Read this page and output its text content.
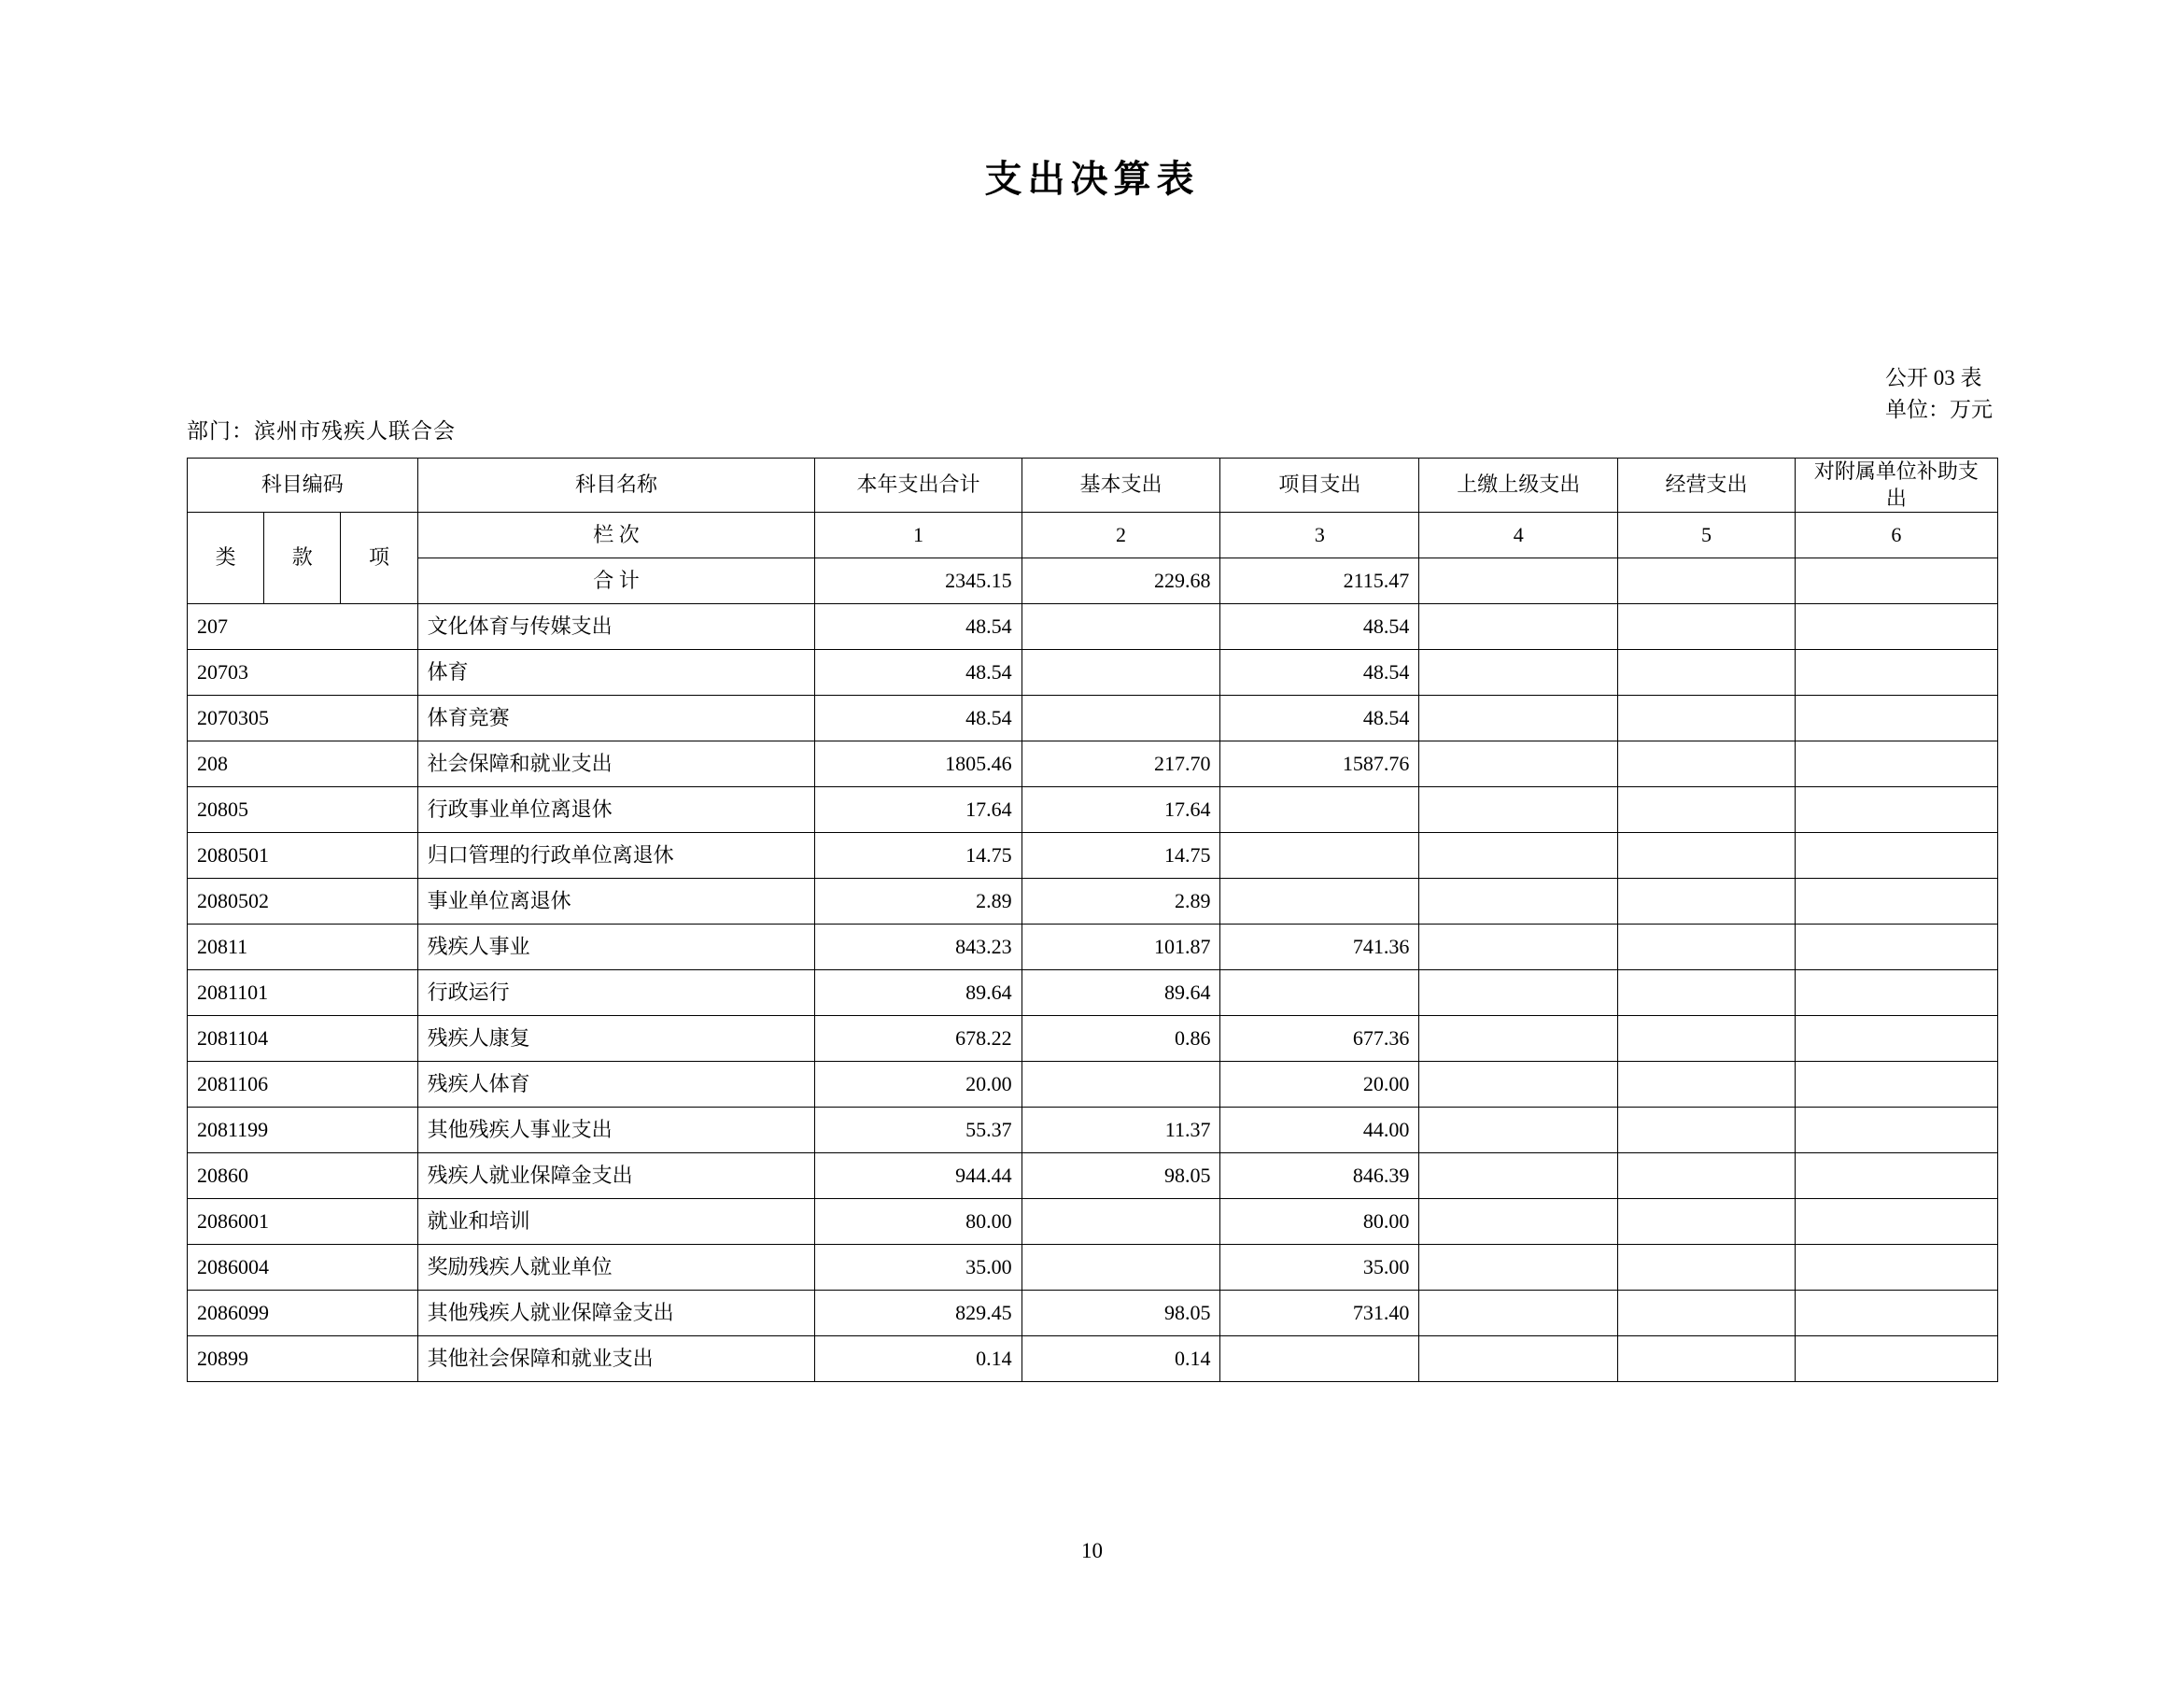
支出决算表
公开 03 表
单位：万元
部门：滨州市残疾人联合会
科目编码			科目名称	本年支出合计	基本支出	项目支出	上缴上级支出	经营支出	对附属单位补助支出
类	款	项	栏 次	1	2	3	4	5	6
			合 计	2345.15	229.68	2115.47			
207			文化体育与传媒支出	48.54		48.54			
20703			体育	48.54		48.54			
2070305			体育竞赛	48.54		48.54			
208			社会保障和就业支出	1805.46	217.70	1587.76			
20805			行政事业单位离退休	17.64	17.64				
2080501			归口管理的行政单位离退休	14.75	14.75				
2080502			事业单位离退休	2.89	2.89				
20811			残疾人事业	843.23	101.87	741.36			
2081101			行政运行	89.64	89.64				
2081104			残疾人康复	678.22	0.86	677.36			
2081106			残疾人体育	20.00		20.00			
2081199			其他残疾人事业支出	55.37	11.37	44.00			
20860			残疾人就业保障金支出	944.44	98.05	846.39			
2086001			就业和培训	80.00		80.00			
2086004			奖励残疾人就业单位	35.00		35.00			
2086099			其他残疾人就业保障金支出	829.45	98.05	731.40			
20899			其他社会保障和就业支出	0.14	0.14				
10
